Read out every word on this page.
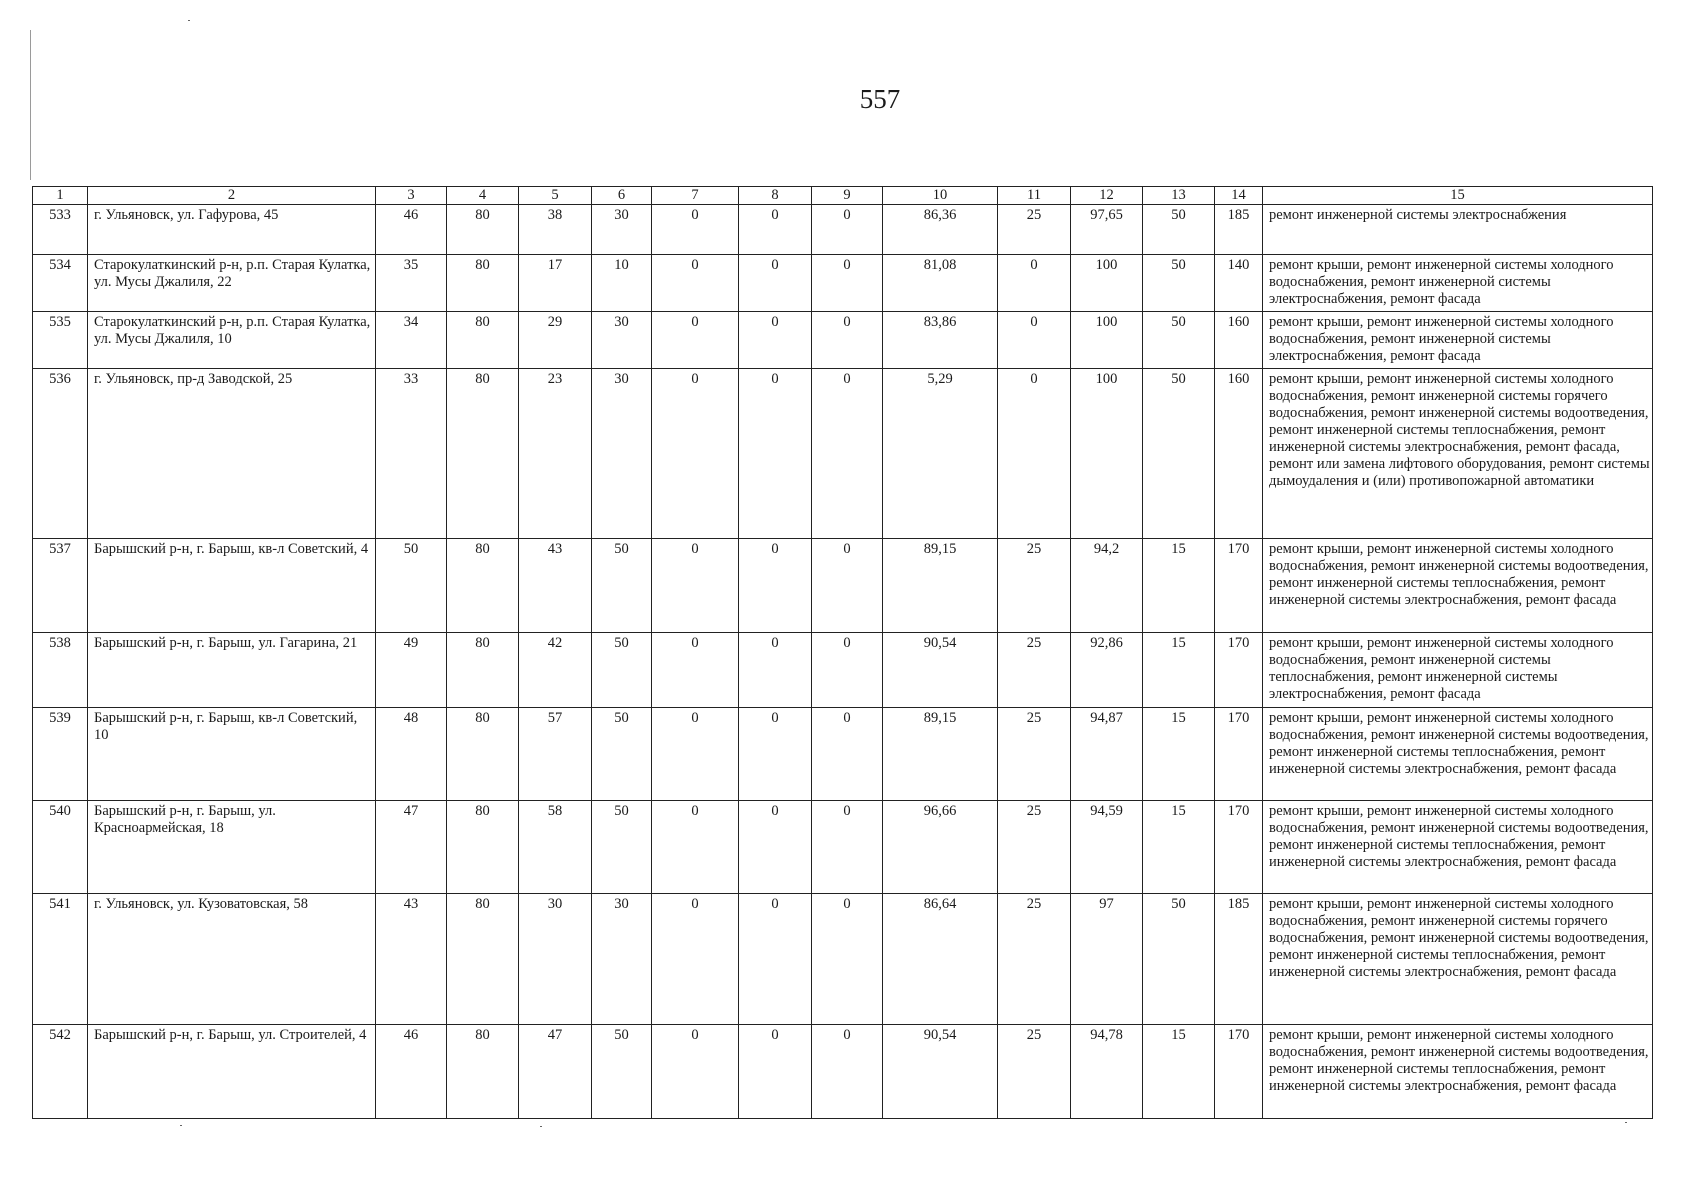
557
1	2	3	4	5	6	7	8	9	10	11	12	13	14	15
533	г. Ульяновск, ул. Гафурова, 45	46	80	38	30	0	0	0	86,36	25	97,65	50	185	ремонт инженерной системы электроснабжения
534	Старокулаткинский р-н, р.п. Старая Кулатка, ул. Мусы Джалиля, 22	35	80	17	10	0	0	0	81,08	0	100	50	140	ремонт крыши, ремонт инженерной системы холодного водоснабжения, ремонт инженерной системы электроснабжения, ремонт фасада
535	Старокулаткинский р-н, р.п. Старая Кулатка, ул. Мусы Джалиля, 10	34	80	29	30	0	0	0	83,86	0	100	50	160	ремонт крыши, ремонт инженерной системы холодного водоснабжения, ремонт инженерной системы электроснабжения, ремонт фасада
536	г. Ульяновск, пр-д Заводской, 25	33	80	23	30	0	0	0	5,29	0	100	50	160	ремонт крыши, ремонт инженерной системы холодного водоснабжения, ремонт инженерной системы горячего водоснабжения, ремонт инженерной системы водоотведения, ремонт инженерной системы теплоснабжения, ремонт инженерной системы электроснабжения, ремонт фасада, ремонт или замена лифтового оборудования, ремонт системы дымоудаления и (или) противопожарной автоматики
537	Барышский р-н, г. Барыш, кв-л Советский, 4	50	80	43	50	0	0	0	89,15	25	94,2	15	170	ремонт крыши, ремонт инженерной системы холодного водоснабжения, ремонт инженерной системы водоотведения, ремонт инженерной системы теплоснабжения, ремонт инженерной системы электроснабжения, ремонт фасада
538	Барышский р-н, г. Барыш, ул. Гагарина, 21	49	80	42	50	0	0	0	90,54	25	92,86	15	170	ремонт крыши, ремонт инженерной системы холодного водоснабжения, ремонт инженерной системы теплоснабжения, ремонт инженерной системы электроснабжения, ремонт фасада
539	Барышский р-н, г. Барыш, кв-л Советский, 10	48	80	57	50	0	0	0	89,15	25	94,87	15	170	ремонт крыши, ремонт инженерной системы холодного водоснабжения, ремонт инженерной системы водоотведения, ремонт инженерной системы теплоснабжения, ремонт инженерной системы электроснабжения, ремонт фасада
540	Барышский р-н, г. Барыш, ул. Красноармейская, 18	47	80	58	50	0	0	0	96,66	25	94,59	15	170	ремонт крыши, ремонт инженерной системы холодного водоснабжения, ремонт инженерной системы водоотведения, ремонт инженерной системы теплоснабжения, ремонт инженерной системы электроснабжения, ремонт фасада
541	г. Ульяновск, ул. Кузоватовская, 58	43	80	30	30	0	0	0	86,64	25	97	50	185	ремонт крыши, ремонт инженерной системы холодного водоснабжения, ремонт инженерной системы горячего водоснабжения, ремонт инженерной системы водоотведения, ремонт инженерной системы теплоснабжения, ремонт инженерной системы электроснабжения, ремонт фасада
542	Барышский р-н, г. Барыш, ул. Строителей, 4	46	80	47	50	0	0	0	90,54	25	94,78	15	170	ремонт крыши, ремонт инженерной системы холодного водоснабжения, ремонт инженерной системы водоотведения, ремонт инженерной системы теплоснабжения, ремонт инженерной системы электроснабжения, ремонт фасада
